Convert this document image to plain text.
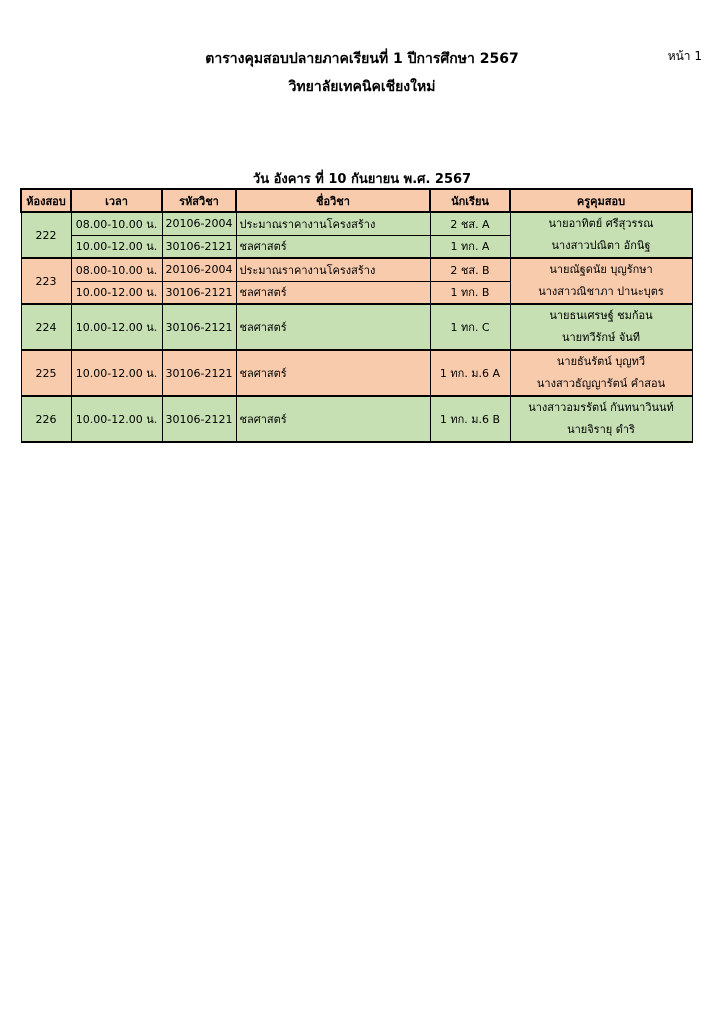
หน้า 1
ตารางคุมสอบปลายภาคเรียนที่ 1 ปีการศึกษา 2567
วิทยาลัยเทคนิคเชียงใหม่
วัน อังคาร ที่ 10 กันยายน พ.ศ. 2567
ห้องสอบ	เวลา	รหัสวิชา	ชื่อวิชา	นักเรียน	ครูคุมสอบ
222	08.00-10.00 น.	20106-2004	ประมาณราคางานโครงสร้าง	2 ชส. A	นายอาทิตย์ ศรีสุวรรณ
นางสาวปณิตา อักนิฐ

	10.00-12.00 น.	30106-2121	ชลศาสตร์	1 ทก. A	
223	08.00-10.00 น.	20106-2004	ประมาณราคางานโครงสร้าง	2 ชส. B	นายณัฐดนัย บุญรักษา
นางสาวณิชาภา ปานะบุตร

	10.00-12.00 น.	30106-2121	ชลศาสตร์	1 ทก. B	
224	10.00-12.00 น.	30106-2121	ชลศาสตร์	1 ทก. C	นายธนเศรษฐ์ ชมก้อน
นายทวีรักษ์ จันที

225	10.00-12.00 น.	30106-2121	ชลศาสตร์	1 ทก. ม.6 A	นายธันรัตน์ บุญทวี
นางสาวธัญญารัตน์ คำสอน

226	10.00-12.00 น.	30106-2121	ชลศาสตร์	1 ทก. ม.6 B	นางสาวอมรรัตน์ กันทนาวินนท์
นายจิรายุ ดำริ
